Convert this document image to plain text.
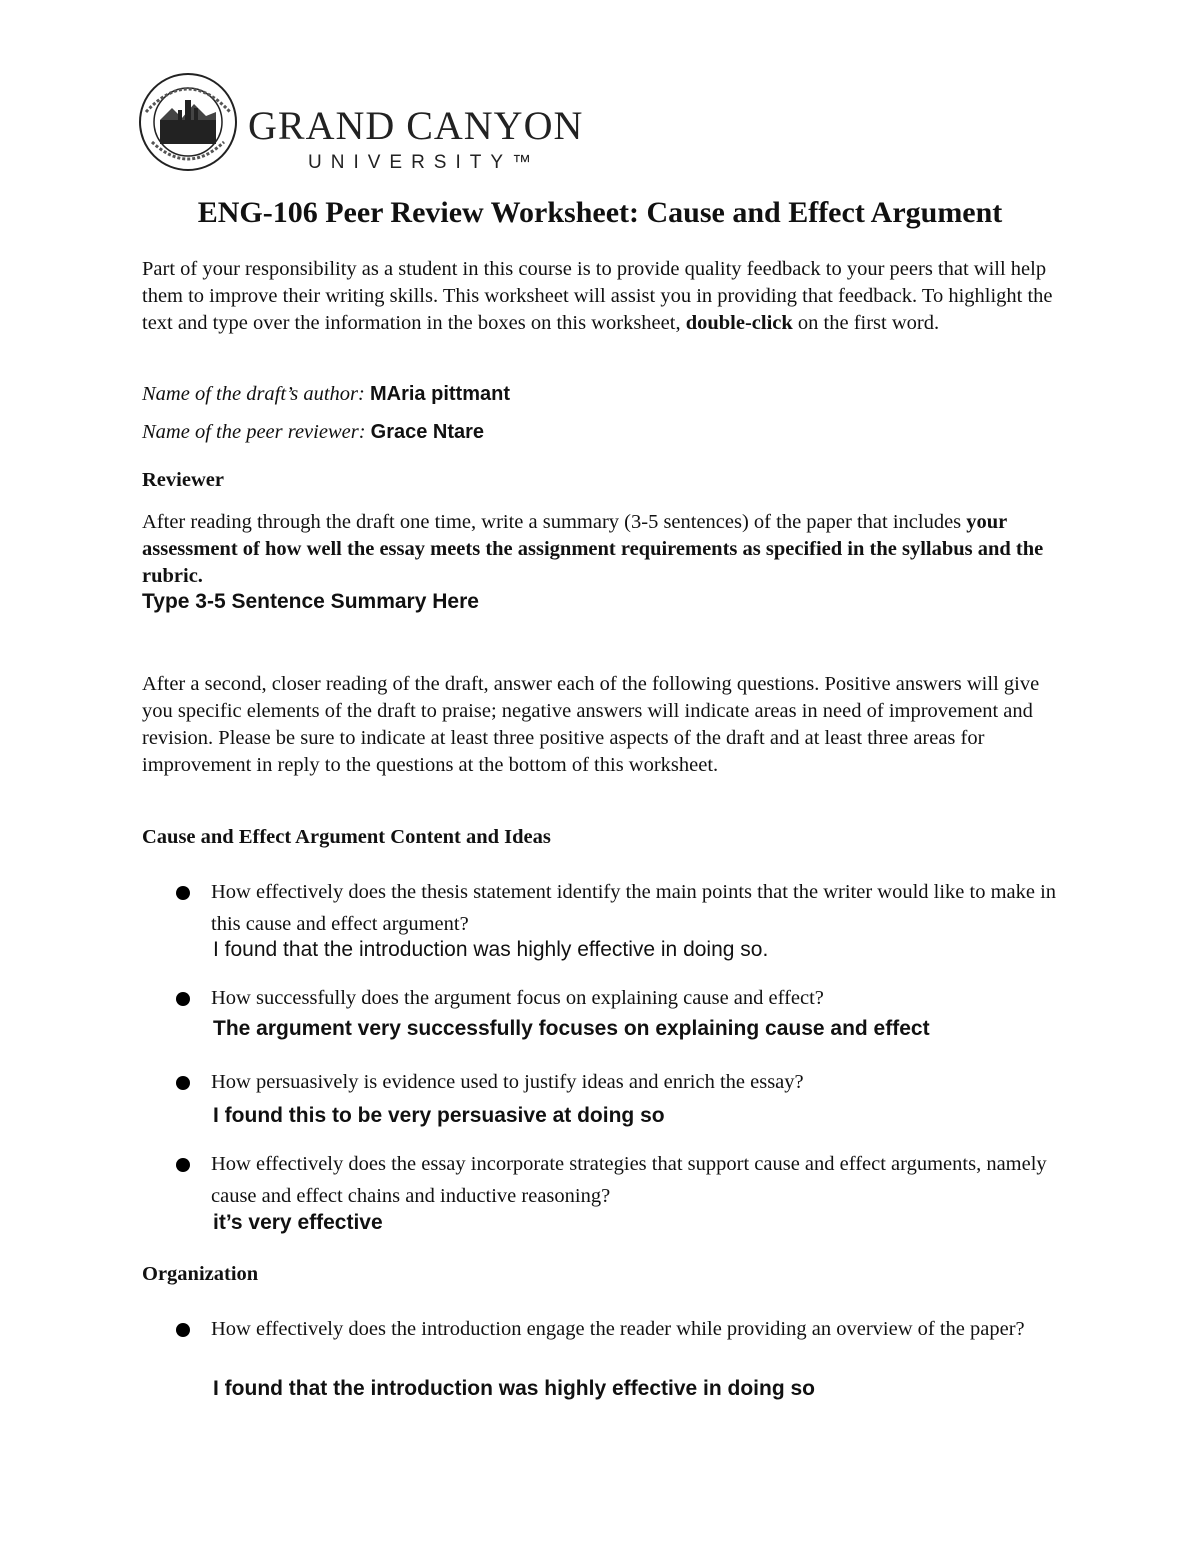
GRAND CANYON
UNIVERSITY™
ENG-106 Peer Review Worksheet: Cause and Effect Argument
Part of your responsibility as a student in this course is to provide quality feedback to your peers that will help them to improve their writing skills. This worksheet will assist you in providing that feedback. To highlight the text and type over the information in the boxes on this worksheet, double-click on the first word.
Name of the draft’s author: MAria pittmant
Name of the peer reviewer: Grace Ntare
Reviewer
After reading through the draft one time, write a summary (3-5 sentences) of the paper that includes your assessment of how well the essay meets the assignment requirements as specified in the syllabus and the rubric.
Type 3-5 Sentence Summary Here
After a second, closer reading of the draft, answer each of the following questions. Positive answers will give you specific elements of the draft to praise; negative answers will indicate areas in need of improvement and revision. Please be sure to indicate at least three positive aspects of the draft and at least three areas for improvement in reply to the questions at the bottom of this worksheet.
Cause and Effect Argument Content and Ideas
How effectively does the thesis statement identify the main points that the writer would like to make in this cause and effect argument?
I found that the introduction was highly effective in doing so.
How successfully does the argument focus on explaining cause and effect?
The argument very successfully focuses on explaining cause and effect
How persuasively is evidence used to justify ideas and enrich the essay?
I found this to be very persuasive at doing so
How effectively does the essay incorporate strategies that support cause and effect arguments, namely cause and effect chains and inductive reasoning?
it’s very effective
Organization
How effectively does the introduction engage the reader while providing an overview of the paper?
I found that the introduction was highly effective in doing so
